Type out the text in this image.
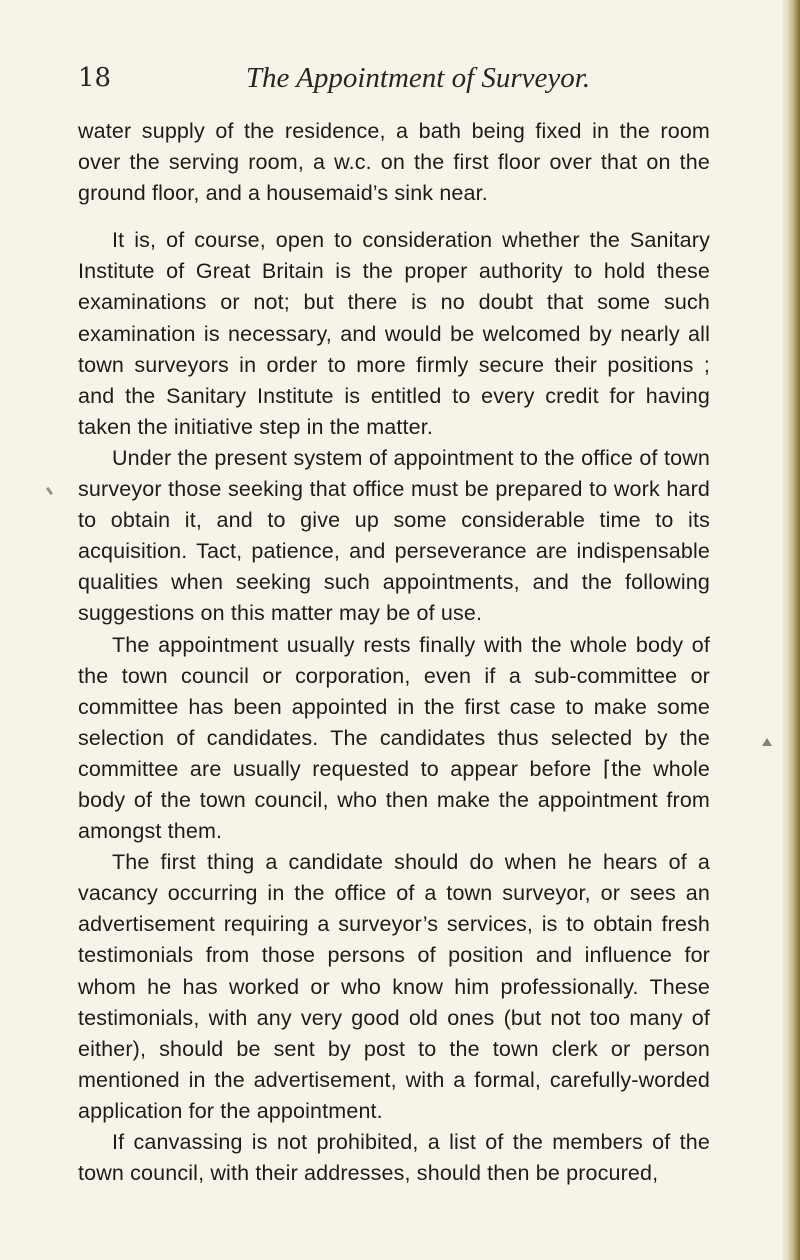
18	The Appointment of Surveyor.

water supply of the residence, a bath being fixed in the room over the serving room, a w.c. on the first floor over that on the ground floor, and a housemaid’s sink near.

It is, of course, open to consideration whether the Sanitary Institute of Great Britain is the proper authority to hold these examinations or not; but there is no doubt that some such examination is necessary, and would be welcomed by nearly all town surveyors in order to more firmly secure their positions ; and the Sanitary Institute is entitled to every credit for having taken the initiative step in the matter.

Under the present system of appointment to the office of town surveyor those seeking that office must be prepared to work hard to obtain it, and to give up some considerable time to its acquisition. Tact, patience, and perseverance are indispensable qualities when seeking such appointments, and the following suggestions on this matter may be of use.

The appointment usually rests finally with the whole body of the town council or corporation, even if a sub-committee or committee has been appointed in the first case to make some selection of candidates. The candidates thus selected by the committee are usually requested to appear before ⌈the whole body of the town council, who then make the appointment from amongst them.

The first thing a candidate should do when he hears of a vacancy occurring in the office of a town surveyor, or sees an advertisement requiring a surveyor’s services, is to obtain fresh testimonials from those persons of position and influence for whom he has worked or who know him professionally. These testimonials, with any very good old ones (but not too many of either), should be sent by post to the town clerk or person mentioned in the advertisement, with a formal, carefully-worded application for the appointment.

If canvassing is not prohibited, a list of the members of the town council, with their addresses, should then be procured,
